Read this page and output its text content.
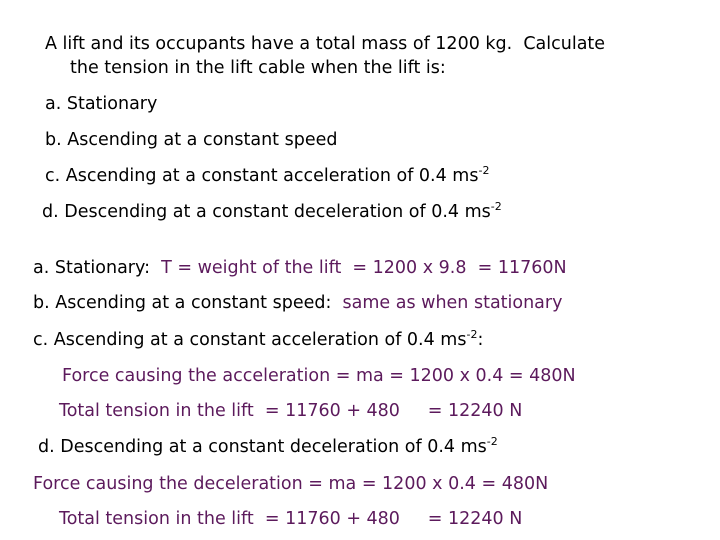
A lift and its occupants have a total mass of 1200 kg.  Calculate
the tension in the lift cable when the lift is:
a. Stationary
b. Ascending at a constant speed
c. Ascending at a constant acceleration of 0.4 $ms^{-2}$
d. Descending at a constant deceleration of 0.4 $ms^{-2}$
a. Stationary: T = weight of the lift  = 1200 x 9.8  = 11760N
b. Ascending at a constant speed: same as when stationary
c. Ascending at a constant acceleration of 0.4 $ms^{-2}$:
Force causing the acceleration = ma = 1200 x 0.4 = 480N
Total tension in the lift  = 11760 + 480     = 12240 N
d. Descending at a constant deceleration of 0.4 $ms^{-2}$
Force causing the deceleration = ma = 1200 x 0.4 = 480N
Total tension in the lift  = 11760 + 480     = 12240 N
